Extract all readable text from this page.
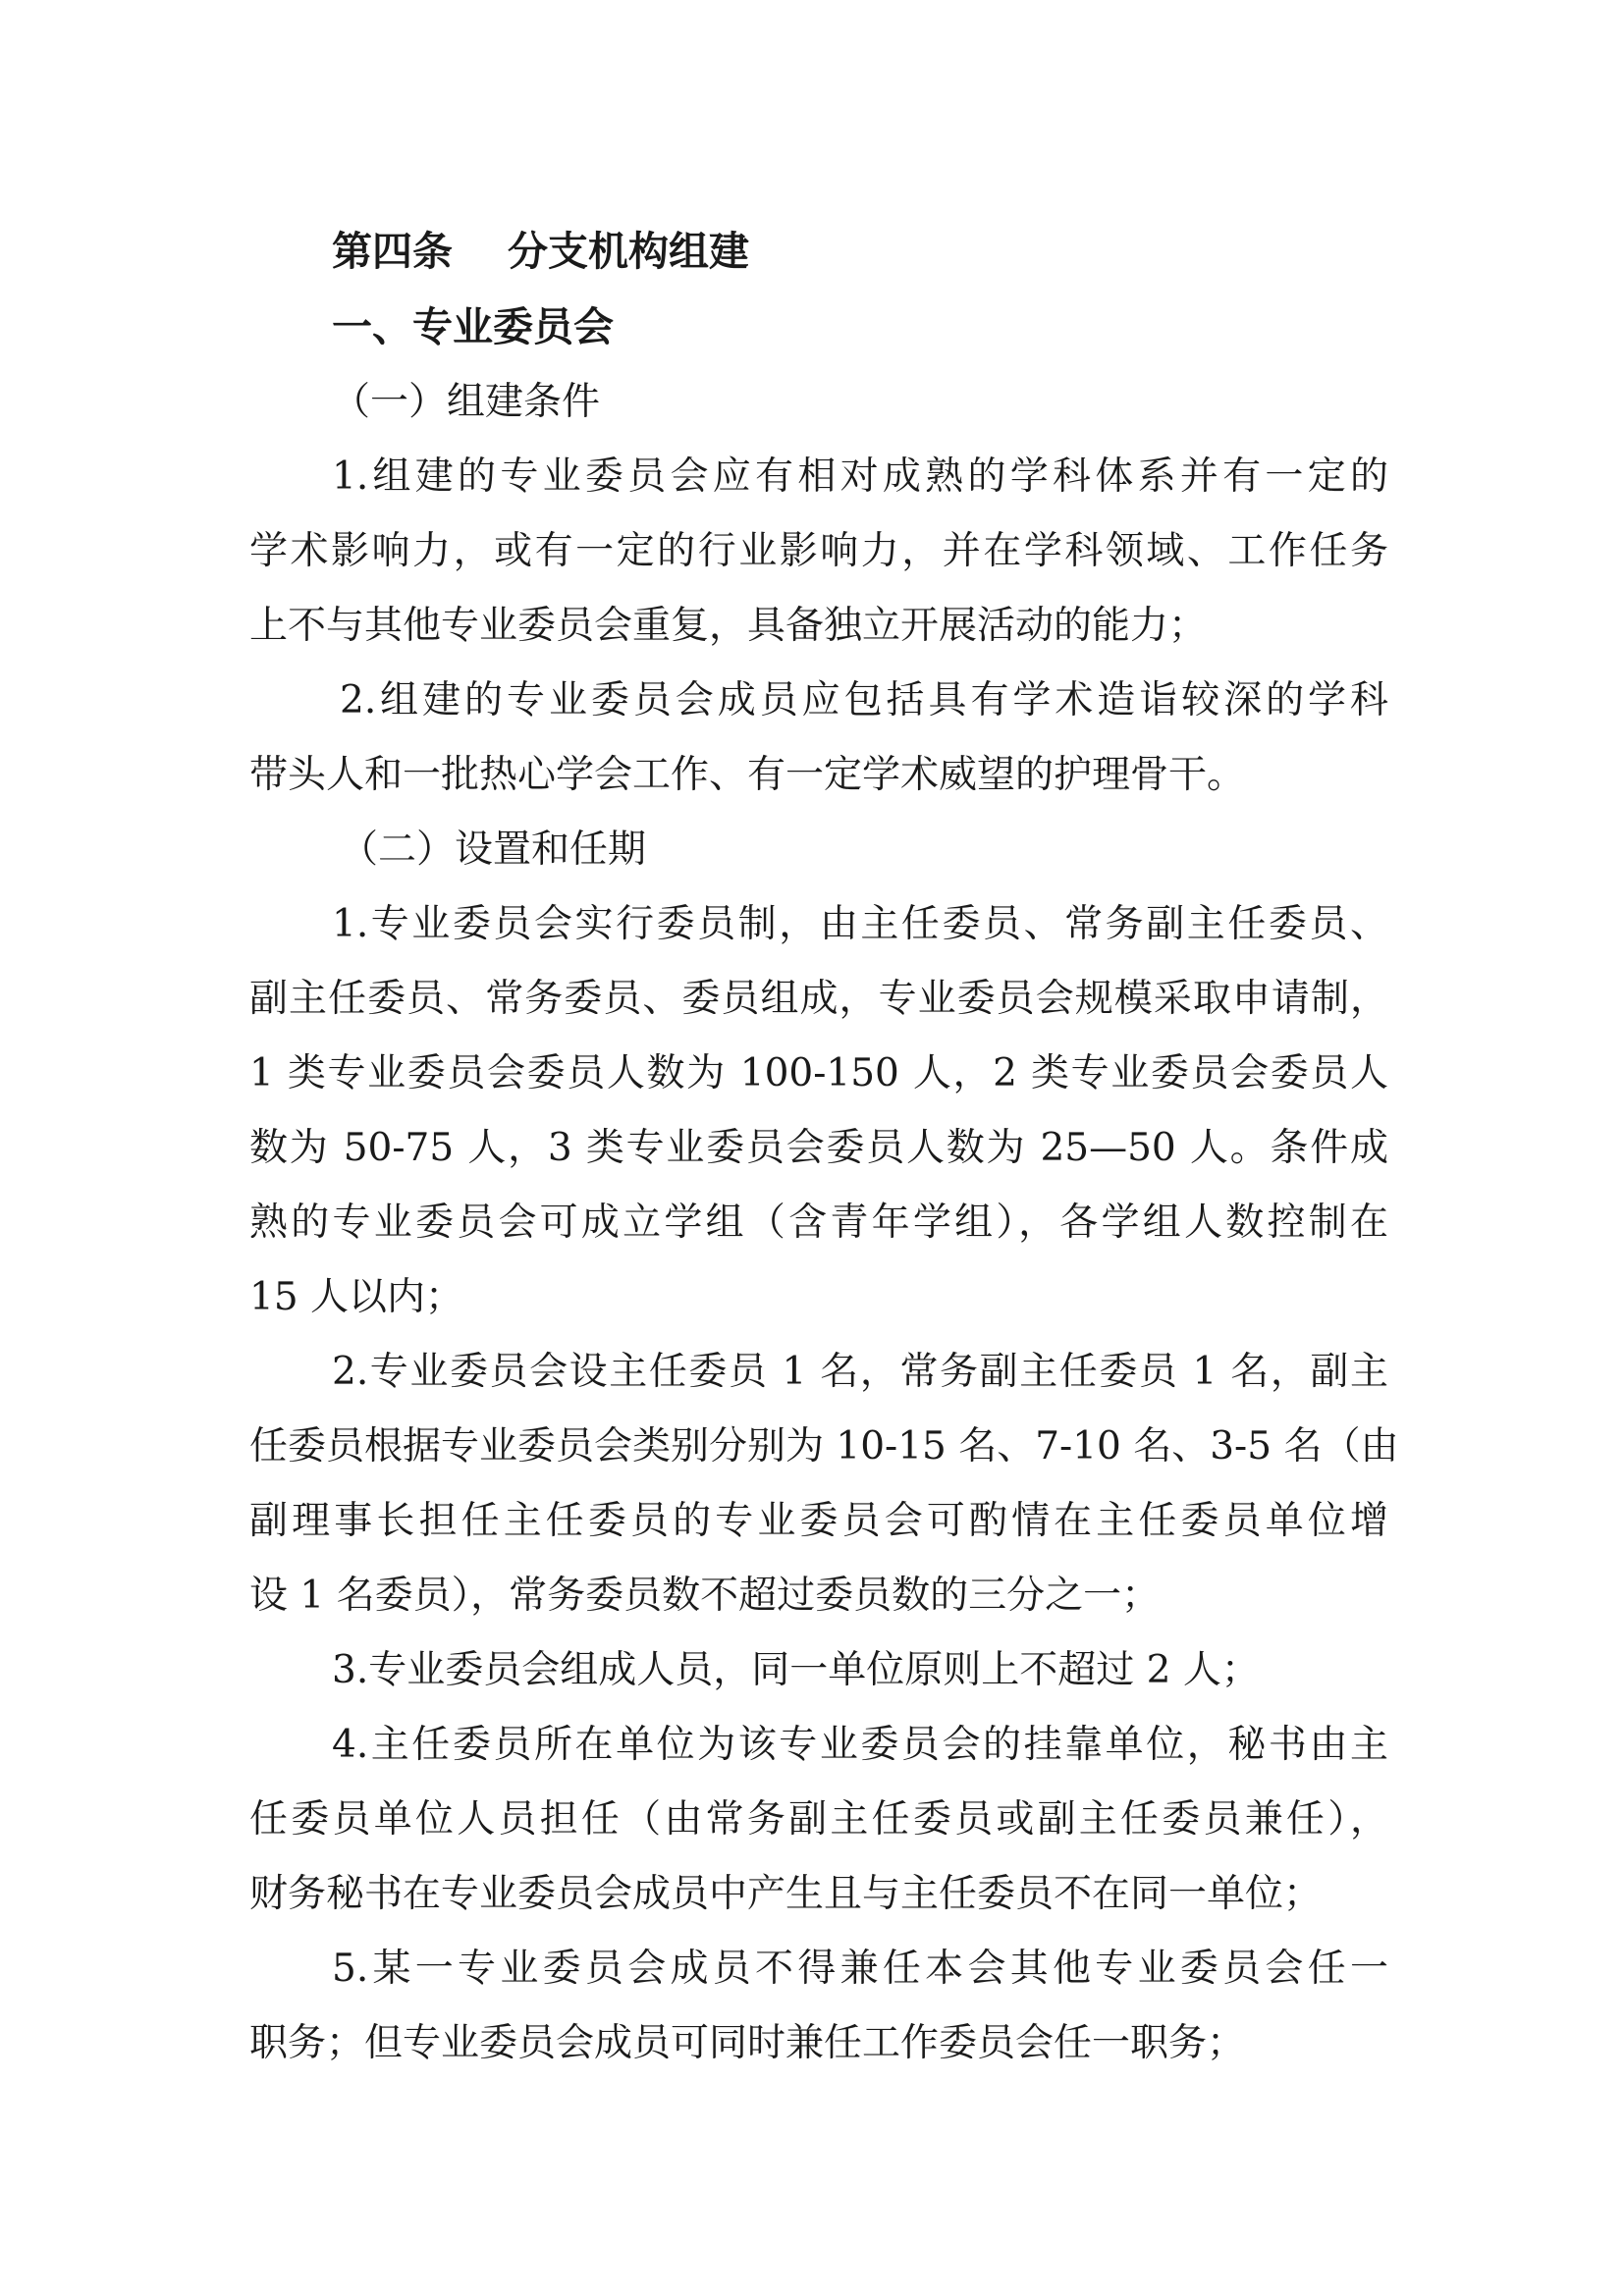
第四条 分支机构组建
一、专业委员会
（一）组建条件
1.组建的专业委员会应有相对成熟的学科体系并有一定的
学术影响力，或有一定的行业影响力，并在学科领域、工作任务
上不与其他专业委员会重复，具备独立开展活动的能力；
2.组建的专业委员会成员应包括具有学术造诣较深的学科
带头人和一批热心学会工作、有一定学术威望的护理骨干。
（二）设置和任期
1.专业委员会实行委员制，由主任委员、常务副主任委员、
副主任委员、常务委员、委员组成，专业委员会规模采取申请制，
1 类专业委员会委员人数为 100-150 人，2 类专业委员会委员人
数为 50-75 人，3 类专业委员会委员人数为 25—50 人。条件成
熟的专业委员会可成立学组（含青年学组），各学组人数控制在
15 人以内；
2.专业委员会设主任委员 1 名，常务副主任委员 1 名，副主
任委员根据专业委员会类别分别为 10-15 名、7-10 名、3-5 名（由
副理事长担任主任委员的专业委员会可酌情在主任委员单位增
设 1 名委员），常务委员数不超过委员数的三分之一；
3.专业委员会组成人员，同一单位原则上不超过 2 人；
4.主任委员所在单位为该专业委员会的挂靠单位，秘书由主
任委员单位人员担任（由常务副主任委员或副主任委员兼任），
财务秘书在专业委员会成员中产生且与主任委员不在同一单位；
5.某一专业委员会成员不得兼任本会其他专业委员会任一
职务；但专业委员会成员可同时兼任工作委员会任一职务；
